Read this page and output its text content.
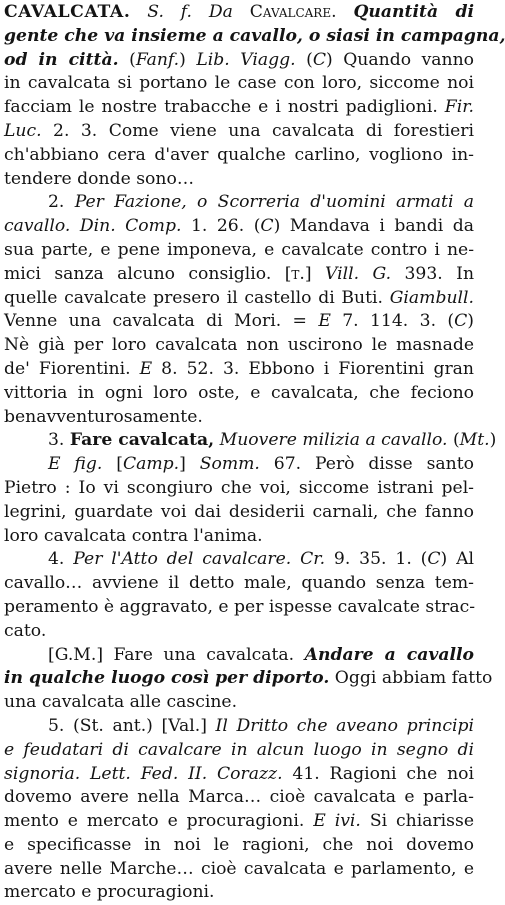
CAVALCATA. S. f. Da Cavalcare. Quantità di
gente che va insieme a cavallo, o siasi in campagna,
od in città. (Fanf.) Lib. Viagg. (C) Quando vanno
in cavalcata si portano le case con loro, siccome noi
facciam le nostre trabacche e i nostri padiglioni. Fir.
Luc. 2. 3. Come viene una cavalcata di forestieri
ch'abbiano cera d'aver qualche carlino, vogliono in-
tendere donde sono…
2. Per Fazione, o Scorreria d'uomini armati a
cavallo. Din. Comp. 1. 26. (C) Mandava i bandi da
sua parte, e pene imponeva, e cavalcate contro i ne-
mici sanza alcuno consiglio. [t.] Vill. G. 393. In
quelle cavalcate presero il castello di Buti. Giambull.
Venne una cavalcata di Mori. = E 7. 114. 3. (C)
Nè già per loro cavalcata non uscirono le masnade
de' Fiorentini. E 8. 52. 3. Ebbono i Fiorentini gran
vittoria in ogni loro oste, e cavalcata, che feciono
benavventurosamente.
3. Fare cavalcata, Muovere milizia a cavallo. (Mt.)
E fig. [Camp.] Somm. 67. Però disse santo
Pietro : Io vi scongiuro che voi, siccome istrani pel-
legrini, guardate voi dai desiderii carnali, che fanno
loro cavalcata contra l'anima.
4. Per l'Atto del cavalcare. Cr. 9. 35. 1. (C) Al
cavallo… avviene il detto male, quando senza tem-
peramento è aggravato, e per ispesse cavalcate strac-
cato.
[G.M.] Fare una cavalcata. Andare a cavallo
in qualche luogo così per diporto. Oggi abbiam fatto
una cavalcata alle cascine.
5. (St. ant.) [Val.] Il Dritto che aveano principi
e feudatari di cavalcare in alcun luogo in segno di
signoria. Lett. Fed. II. Corazz. 41. Ragioni che noi
dovemo avere nella Marca… cioè cavalcata e parla-
mento e mercato e procuragioni. E ivi. Si chiarisse
e specificasse in noi le ragioni, che noi dovemo
avere nelle Marche… cioè cavalcata e parlamento, e
mercato e procuragioni.
